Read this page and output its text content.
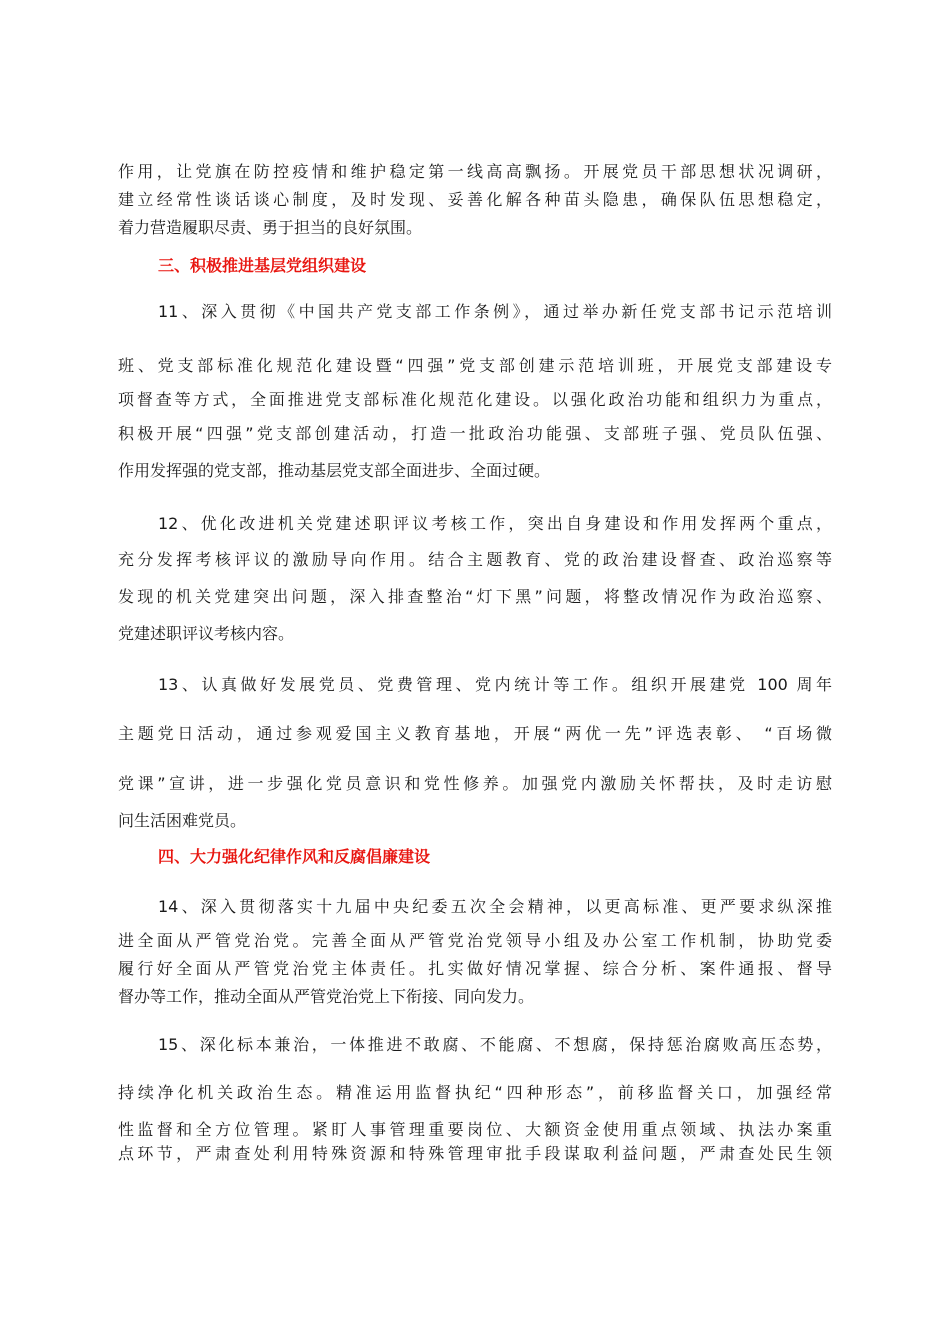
作用，让党旗在防控疫情和维护稳定第一线高高飘扬。开展党员干部思想状况调研，
建立经常性谈话谈心制度，及时发现、妥善化解各种苗头隐患，确保队伍思想稳定，
着力营造履职尽责、勇于担当的良好氛围。
三、积极推进基层党组织建设
11、深入贯彻《中国共产党支部工作条例》，通过举办新任党支部书记示范培训
班、党支部标准化规范化建设暨“四强”党支部创建示范培训班，开展党支部建设专
项督查等方式，全面推进党支部标准化规范化建设。以强化政治功能和组织力为重点，
积极开展“四强”党支部创建活动，打造一批政治功能强、支部班子强、党员队伍强、
作用发挥强的党支部，推动基层党支部全面进步、全面过硬。
12、优化改进机关党建述职评议考核工作，突出自身建设和作用发挥两个重点，
充分发挥考核评议的激励导向作用。结合主题教育、党的政治建设督查、政治巡察等
发现的机关党建突出问题，深入排查整治“灯下黑”问题，将整改情况作为政治巡察、
党建述职评议考核内容。
13、认真做好发展党员、党费管理、党内统计等工作。组织开展建党 100 周年
主题党日活动，通过参观爱国主义教育基地，开展“两优一先”评选表彰、 “百场微
党课”宣讲，进一步强化党员意识和党性修养。加强党内激励关怀帮扶，及时走访慰
问生活困难党员。
四、大力强化纪律作风和反腐倡廉建设
14、深入贯彻落实十九届中央纪委五次全会精神，以更高标准、更严要求纵深推
进全面从严管党治党。完善全面从严管党治党领导小组及办公室工作机制，协助党委
履行好全面从严管党治党主体责任。扎实做好情况掌握、综合分析、案件通报、督导
督办等工作，推动全面从严管党治党上下衔接、同向发力。
15、深化标本兼治，一体推进不敢腐、不能腐、不想腐，保持惩治腐败高压态势，
持续净化机关政治生态。精准运用监督执纪“四种形态”，前移监督关口，加强经常
性监督和全方位管理。紧盯人事管理重要岗位、大额资金使用重点领域、执法办案重
点环节，严肃查处利用特殊资源和特殊管理审批手段谋取利益问题，严肃查处民生领
